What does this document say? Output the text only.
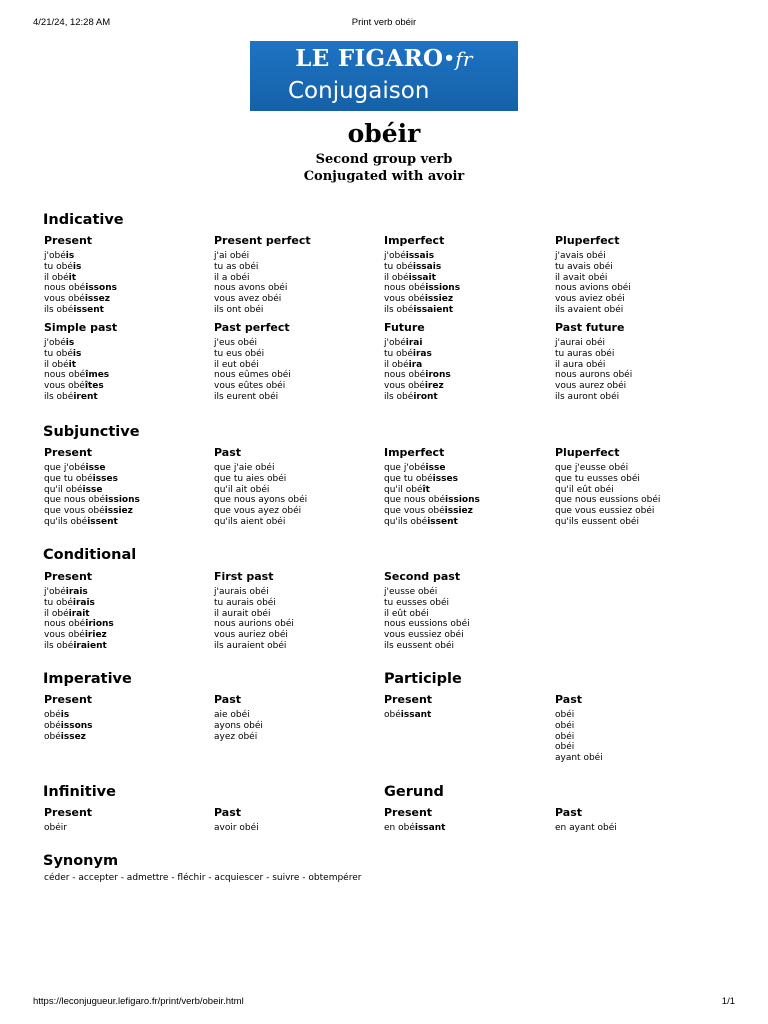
4/21/24, 12:28 AM	Print verb obéir
LE FIGARO•fr
Conjugaison
obéir
Second group verb
Conjugated with avoir
Indicative
Present
j'obéis
tu obéis
il obéit
nous obéissons
vous obéissez
ils obéissent
Present perfect
j'ai obéi
tu as obéi
il a obéi
nous avons obéi
vous avez obéi
ils ont obéi
Imperfect
j'obéissais
tu obéissais
il obéissait
nous obéissions
vous obéissiez
ils obéissaient
Pluperfect
j'avais obéi
tu avais obéi
il avait obéi
nous avions obéi
vous aviez obéi
ils avaient obéi
Simple past
j'obéis
tu obéis
il obéit
nous obéîmes
vous obéîtes
ils obéirent
Past perfect
j'eus obéi
tu eus obéi
il eut obéi
nous eûmes obéi
vous eûtes obéi
ils eurent obéi
Future
j'obéirai
tu obéiras
il obéira
nous obéirons
vous obéirez
ils obéiront
Past future
j'aurai obéi
tu auras obéi
il aura obéi
nous aurons obéi
vous aurez obéi
ils auront obéi
Subjunctive
Present
que j'obéisse
que tu obéisses
qu'il obéisse
que nous obéissions
que vous obéissiez
qu'ils obéissent
Past
que j'aie obéi
que tu aies obéi
qu'il ait obéi
que nous ayons obéi
que vous ayez obéi
qu'ils aient obéi
Imperfect
que j'obéisse
que tu obéisses
qu'il obéît
que nous obéissions
que vous obéissiez
qu'ils obéissent
Pluperfect
que j'eusse obéi
que tu eusses obéi
qu'il eût obéi
que nous eussions obéi
que vous eussiez obéi
qu'ils eussent obéi
Conditional
Present
j'obéirais
tu obéirais
il obéirait
nous obéirions
vous obéiriez
ils obéiraient
First past
j'aurais obéi
tu aurais obéi
il aurait obéi
nous aurions obéi
vous auriez obéi
ils auraient obéi
Second past
j'eusse obéi
tu eusses obéi
il eût obéi
nous eussions obéi
vous eussiez obéi
ils eussent obéi
Imperative
Present
obéis
obéissons
obéissez
Past
aie obéi
ayons obéi
ayez obéi
Participle
Present
obéissant
Past
obéi
obéi
obéi
obéi
ayant obéi
Infinitive
Present
obéir
Past
avoir obéi
Gerund
Present
en obéissant
Past
en ayant obéi
Synonym
céder - accepter - admettre - fléchir - acquiescer - suivre - obtempérer
https://leconjugueur.lefigaro.fr/print/verb/obeir.html	1/1
